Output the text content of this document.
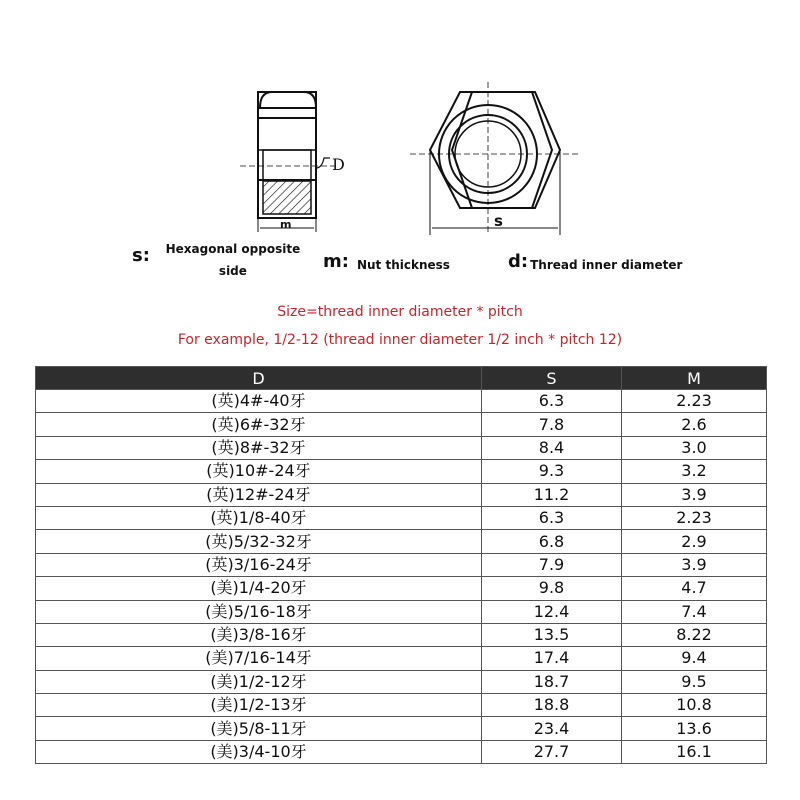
m
D
s
s:	Hexagonal opposite side	m: Nut thickness	d: Thread inner diameter
Size=thread inner diameter * pitch
For example, 1/2-12 (thread inner diameter 1/2 inch * pitch 12)
D	S	M
(英)4#-40牙	6.3	2.23
(英)6#-32牙	7.8	2.6
(英)8#-32牙	8.4	3.0
(英)10#-24牙	9.3	3.2
(英)12#-24牙	11.2	3.9
(英)1/8-40牙	6.3	2.23
(英)5/32-32牙	6.8	2.9
(英)3/16-24牙	7.9	3.9
(美)1/4-20牙	9.8	4.7
(美)5/16-18牙	12.4	7.4
(美)3/8-16牙	13.5	8.22
(美)7/16-14牙	17.4	9.4
(美)1/2-12牙	18.7	9.5
(美)1/2-13牙	18.8	10.8
(美)5/8-11牙	23.4	13.6
(美)3/4-10牙	27.7	16.1
